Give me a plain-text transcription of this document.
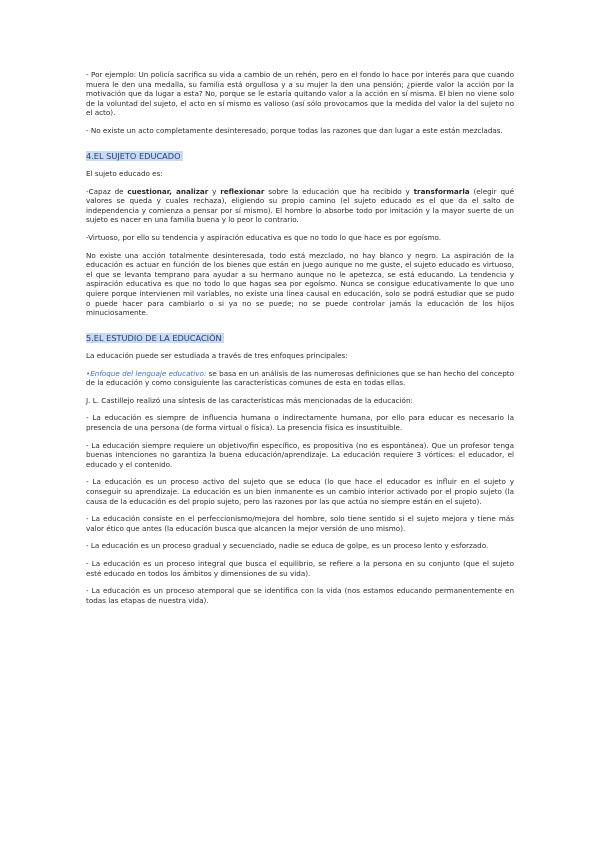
- Por ejemplo: Un policía sacrifica su vida a cambio de un rehén, pero en el fondo lo hace por interés para que cuando muera le den una medalla, su familia está orgullosa y a su mujer la den una pensión; ¿pierde valor la acción por la motivación que da lugar a esta? No, porque se le estaría quitando valor a la acción en sí misma. El bien no viene solo de la voluntad del sujeto, el acto en sí mismo es valioso (así sólo provocamos que la medida del valor la del sujeto no el acto).

- No existe un acto completamente desinteresado, porque todas las razones que dan lugar a este están mezcladas.

4.EL SUJETO EDUCADO

El sujeto educado es:

-Capaz de cuestionar, analizar y reflexionar sobre la educación que ha recibido y transformarla (elegir qué valores se queda y cuales rechaza), eligiendo su propio camino (el sujeto educado es el que da el salto de independencia y comienza a pensar por sí mismo). El hombre lo absorbe todo por imitación y la mayor suerte de un sujeto es nacer en una familia buena y lo peor lo contrario.

-Virtuoso, por ello su tendencia y aspiración educativa es que no todo lo que hace es por egoísmo.

No existe una acción totalmente desinteresada, todo está mezclado, no hay blanco y negro. La aspiración de la educación es actuar en función de los bienes que están en juego aunque no me guste, el sujeto educado es virtuoso, el que se levanta temprano para ayudar a su hermano aunque no le apetezca, se está educando. La tendencia y aspiración educativa es que no todo lo que hagas sea por egoísmo. Nunca se consigue educativamente lo que uno quiere porque intervienen mil variables, no existe una línea causal en educación, solo se podrá estudiar que se pudo o puede hacer para cambiarlo o si ya no se puede; no se puede controlar jamás la educación de los hijos minuciosamente.

5.EL ESTUDIO DE LA EDUCACIÓN

La educación puede ser estudiada a través de tres enfoques principales:

•Enfoque del lenguaje educativo: se basa en un análisis de las numerosas definiciones que se han hecho del concepto de la educación y como consiguiente las características comunes de esta en todas ellas.

J. L. Castillejo realizó una síntesis de las características más mencionadas de la educación:

- La educación es siempre de influencia humana o indirectamente humana, por ello para educar es necesario la presencia de una persona (de forma virtual o física). La presencia física es insustituible.

- La educación siempre requiere un objetivo/fin específico, es propositiva (no es espontánea). Que un profesor tenga buenas intenciones no garantiza la buena educación/aprendizaje. La educación requiere 3 vórtices: el educador, el educado y el contenido.

- La educación es un proceso activo del sujeto que se educa (lo que hace el educador es influir en el sujeto y conseguir su aprendizaje. La educación es un bien inmanente es un cambio interior activado por el propio sujeto (la causa de la educación es del propio sujeto, pero las razones por las que actúa no siempre están en el sujeto).

- La educación consiste en el perfeccionismo/mejora del hombre, solo tiene sentido si el sujeto mejora y tiene más valor ético que antes (la educación busca que alcancen la mejor versión de uno mismo).

- La educación es un proceso gradual y secuenciado, nadie se educa de golpe, es un proceso lento y esforzado.

- La educación es un proceso integral que busca el equilibrio, se refiere a la persona en su conjunto (que el sujeto esté educado en todos los ámbitos y dimensiones de su vida).

- La educación es un proceso atemporal que se identifica con la vida (nos estamos educando permanentemente en todas las etapas de nuestra vida).
